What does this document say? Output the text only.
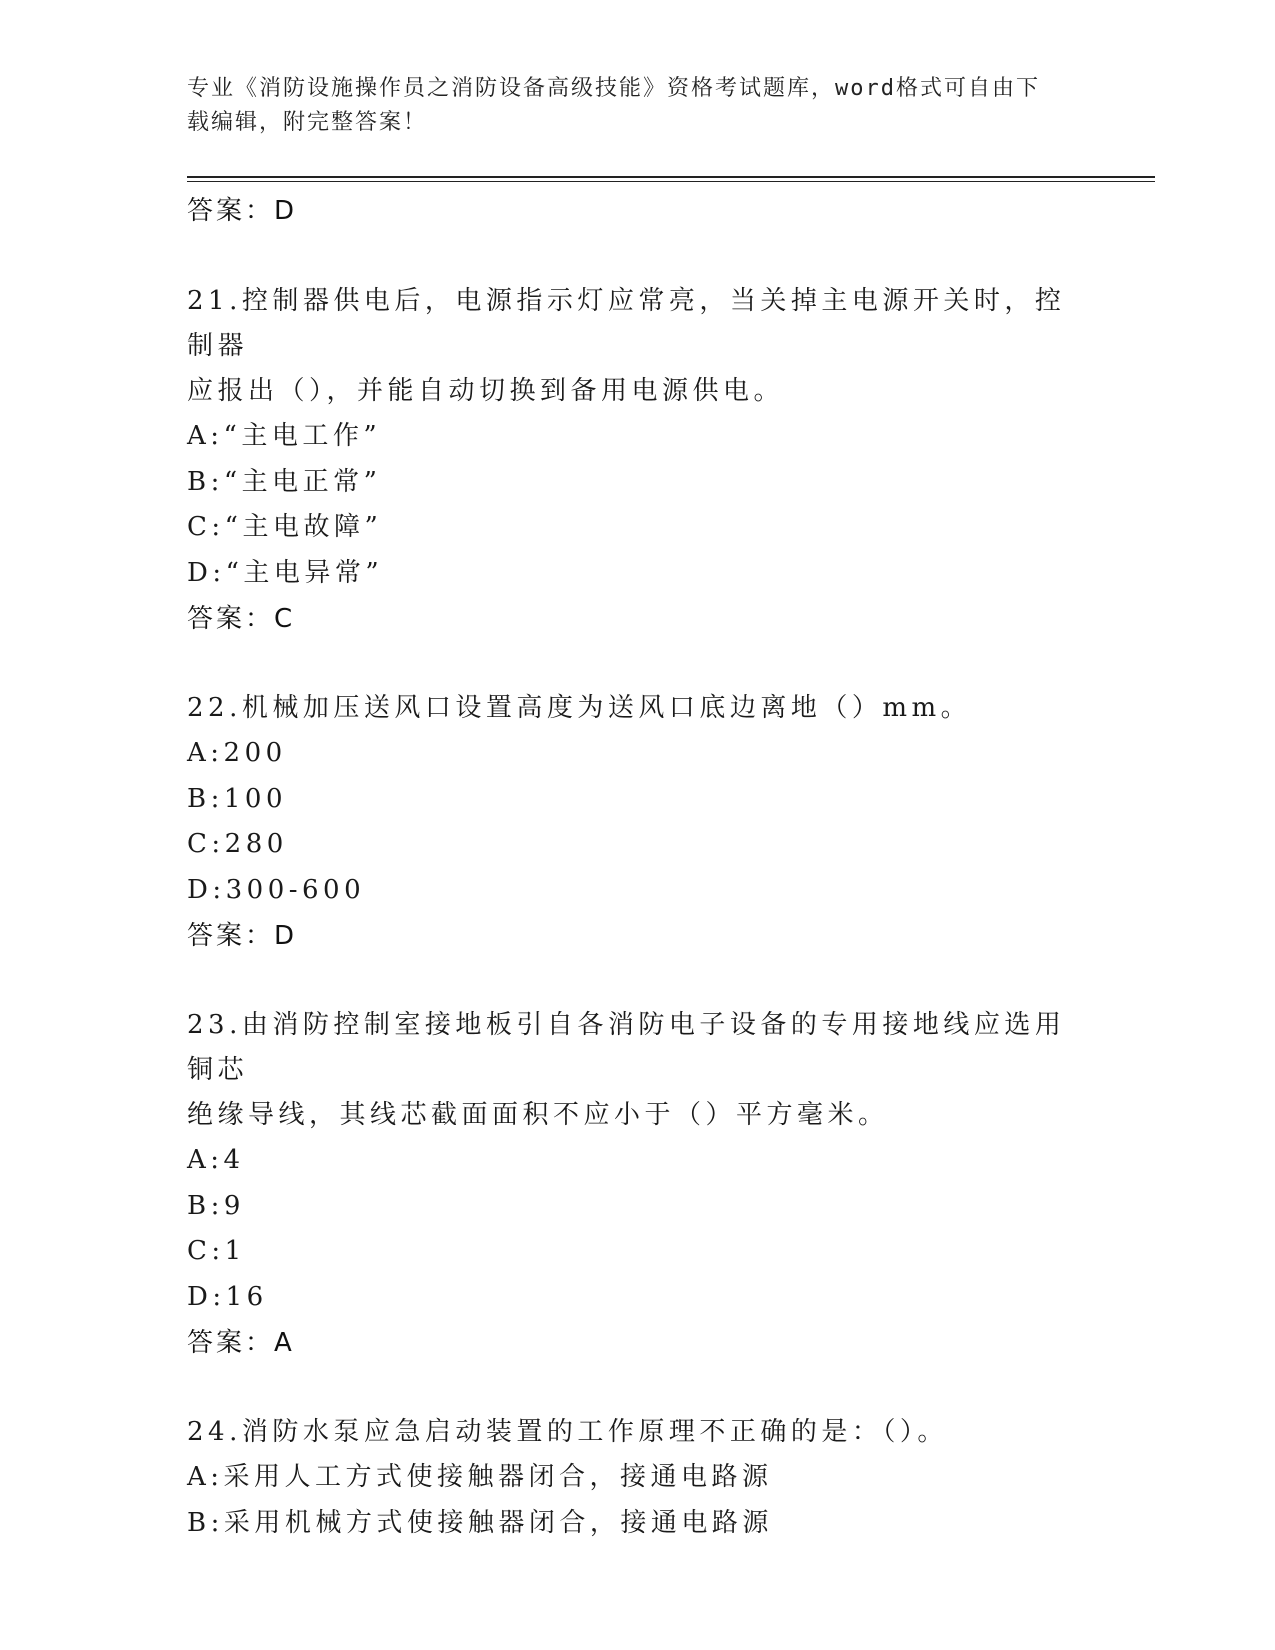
专业《消防设施操作员之消防设备高级技能》资格考试题库，word格式可自由下
载编辑，附完整答案！
答案：D
21.控制器供电后，电源指示灯应常亮，当关掉主电源开关时，控制器
应报出（），并能自动切换到备用电源供电。
A:“主电工作”
B:“主电正常”
C:“主电故障”
D:“主电异常”
答案：C
22.机械加压送风口设置高度为送风口底边离地（）mm。
A:200
B:100
C:280
D:300-600
答案：D
23.由消防控制室接地板引自各消防电子设备的专用接地线应选用铜芯
绝缘导线，其线芯截面面积不应小于（）平方毫米。
A:4
B:9
C:1
D:16
答案：A
24.消防水泵应急启动装置的工作原理不正确的是：（）。
A:采用人工方式使接触器闭合，接通电路源
B:采用机械方式使接触器闭合，接通电路源
